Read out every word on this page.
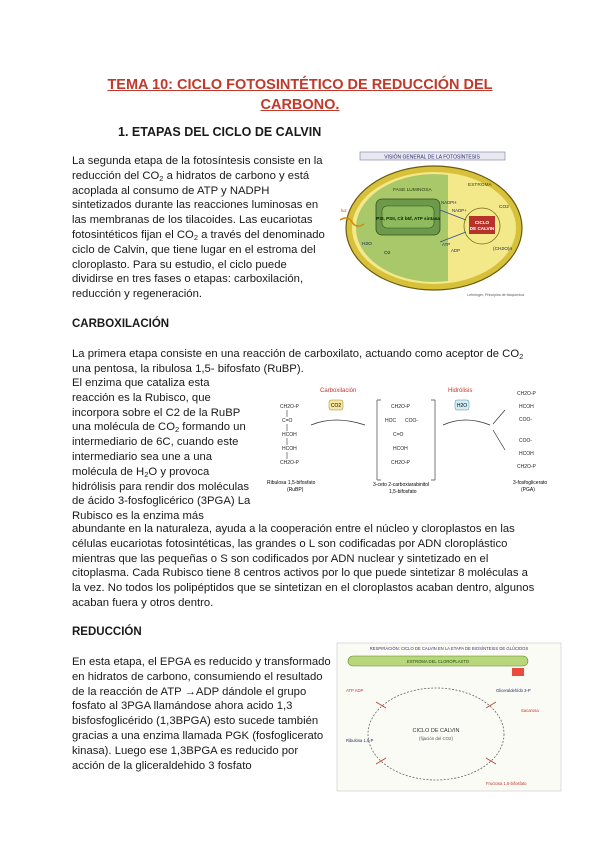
TEMA 10: CICLO FOTOSINTÉTICO DE REDUCCIÓN DEL
CARBONO.
1. ETAPAS DEL CICLO DE CALVIN
La segunda etapa de la fotosíntesis consiste en la
reducción del $CO_2$ a hidratos de carbono y está
acoplada al consumo de ATP y NADPH
sintetizados durante las reacciones luminosas en
las membranas de los tilacoides. Las eucariotas
fotosintéticos fijan el $CO_2$ a través del denominado
ciclo de Calvin, que tiene lugar en el estroma del
cloroplasto. Para su estudio, el ciclo puede
dividirse en tres fases o etapas: carboxilación,
reducción y regeneración.
VISIÓN GENERAL DE LA FOTOSÍNTESIS
FASE LUMINOSA
ESTROMA
PSI, PSII, Cit b6f, ATP sintasa
CICLO
DE CALVIN
luz
H2O
O2
NADPH
ATP
NADP+
ADP
CO2
(CH2O)n
Lehninger, Principios de bioquímica
CARBOXILACIÓN
La primera etapa consiste en una reacción de carboxilato, actuando como aceptor de $CO_2$
una pentosa, la ribulosa 1,5- bifosfato (RuBP).
El enzima que cataliza esta
reacción es la Rubisco, que
incorpora sobre el C2 de la RuBP
una molécula de $CO_2$ formando un
intermediario de 6C, cuando este
intermediario sea une a una
molécula de $H_2O$ y provoca
hidrólisis para rendir dos moléculas
de ácido 3-fosfoglicérico (3PGA) La
Rubisco es la enzima más
Carboxilación	Hidrólisis
CH2O-P
C=O
HCOH
HCOH
CH2O-P
CO2	CH2O-P
HOC COO-
C=O
HCOH
CH2O-P
H2O
CH2O-P
HCOH
COO-
COO-
HCOH
CH2O-P
Ribulosa 1,5-bifosfato
(RuBP)
3-ceto 2-carboxiarabinitol
1,5-bifosfato
3-fosfoglicerato
(PGA)
abundante en la naturaleza, ayuda a la cooperación entre el núcleo y cloroplastos en las
células eucariotas fotosintéticas, las grandes o L son codificadas por ADN cloroplástico
mientras que las pequeñas o S son codificados por ADN nuclear y sintetizado en el
citoplasma. Cada Rubisco tiene 8 centros activos por lo que puede sintetizar 8 moléculas a
la vez. No todos los polipéptidos que se sintetizan en el cloroplastos acaban dentro, algunos
acaban fuera y otros dentro.
REDUCCIÓN
En esta etapa, el EPGA es reducido y transformado
en hidratos de carbono, consumiendo el resultado
de la reacción de ATP →ADP dándole el grupo
fosfato al 3PGA llamándose ahora acido 1,3
bisfosfoglicérido (1,3BPGA) esto sucede también
gracias a una enzima llamada PGK (fosfoglicerato
kinasa). Luego ese 1,3BPGA es reducido por
acción de la gliceraldehido 3 fosfato
RESPIRACIÓN: CICLO DE CALVIN EN LA ETAPA DE BIOSÍNTESIS DE GLÚCIDOS
ESTROMA DEL CLOROPLASTO
CICLO DE CALVIN
(fijación del CO2)
ATP ADP
Ribulosa 1,5-P
Gliceraldehído 3-P
Sacarosa
Fructosa 1,6-bifosfato
